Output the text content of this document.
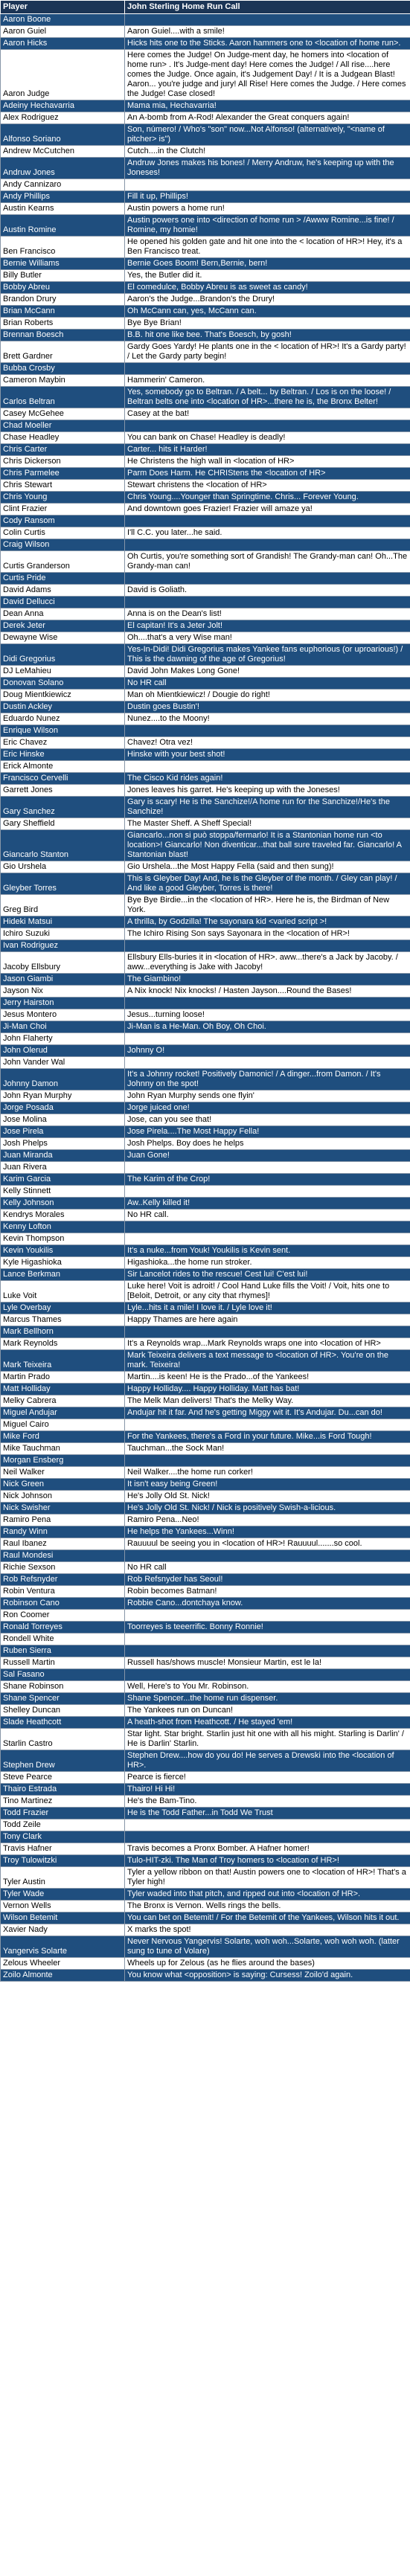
Player	John Sterling Home Run Call
Aaron Boone	
Aaron Guiel	Aaron Guiel....with a smile!
Aaron Hicks	Hicks hits one to the Sticks. Aaron hammers one to <location of home run>.
Aaron Judge	Here comes the Judge! On Judge-ment day, he homers into <location of home run> . It's Judge-ment day! Here comes the Judge! / All rise....here comes the Judge. Once again, it's Judgement Day! / It is a Judgean Blast! Aaron... you're judge and jury! All Rise! Here comes the Judge. / Here comes the Judge! Case closed!
Adeiny Hechavarria	Mama mia, Hechavarria!
Alex Rodriguez	An A-bomb from A-Rod! Alexander the Great conquers again!
Alfonso Soriano	Son, número! / Who's "son" now...Not Alfonso! (alternatively, "<name of pitcher> is")
Andrew McCutchen	Cutch....in the Clutch!
Andruw Jones	Andruw Jones makes his bones! / Merry Andruw, he's keeping up with the Joneses!
Andy Cannizaro	
Andy Phillips	Fill it up, Phillips!
Austin Kearns	Austin powers a home run!
Austin Romine	Austin powers one into <direction of home run > /Awww Romine...is fine! / Romine, my homie!
Ben Francisco	He opened his golden gate and hit one into the < location of HR>! Hey, it's a Ben Francisco treat.
Bernie Williams	Bernie Goes Boom! Bern,Bernie, bern!
Billy Butler	Yes, the Butler did it.
Bobby Abreu	El comedulce, Bobby Abreu is as sweet as candy!
Brandon Drury	Aaron's the Judge...Brandon's the Drury!
Brian McCann	Oh McCann can, yes, McCann can.
Brian Roberts	Bye Bye Brian!
Brennan Boesch	B.B. hit one like bee. That's Boesch, by gosh!
Brett Gardner	Gardy Goes Yardy! He plants one in the < location of HR>! It's a Gardy party! / Let the Gardy party begin!
Bubba Crosby	
Cameron Maybin	Hammerin' Cameron.
Carlos Beltran	Yes, somebody go to Beltran. / A belt... by Beltran. / Los is on the loose! / Beltran belts one into <location of HR>...there he is, the Bronx Belter!
Casey McGehee	Casey at the bat!
Chad Moeller	
Chase Headley	You can bank on Chase! Headley is deadly!
Chris Carter	Carter... hits it Harder!
Chris Dickerson	He Christens the high wall in <location of HR>
Chris Parmelee	Parm Does Harm. He CHRIStens the <location of HR>
Chris Stewart	Stewart christens the <location of HR>
Chris Young	Chris Young....Younger than Springtime. Chris... Forever Young.
Clint Frazier	And downtown goes Frazier! Frazier will amaze ya!
Cody Ransom	
Colin Curtis	I'll C.C. you later...he said.
Craig Wilson	
Curtis Granderson	Oh Curtis, you're something sort of Grandish! The Grandy-man can! Oh...The Grandy-man can!
Curtis Pride	
David Adams	David is Goliath.
David Dellucci	
Dean Anna	Anna is on the Dean's list!
Derek Jeter	El capitan! It's a Jeter Jolt!
Dewayne Wise	Oh....that's a very Wise man!
Didi Gregorius	Yes-In-Didi! Didi Gregorius makes Yankee fans euphorious (or uproarious!) / This is the dawning of the age of Gregorius!
DJ LeMahieu	David John Makes Long Gone!
Donovan Solano	No HR call
Doug Mientkiewicz	Man oh Mientkiewicz! / Dougie do right!
Dustin Ackley	Dustin goes Bustin'!
Eduardo Nunez	Nunez....to the Moony!
Enrique Wilson	
Eric Chavez	Chavez! Otra vez!
Eric Hinske	Hinske with your best shot!
Erick Almonte	
Francisco Cervelli	The Cisco Kid rides again!
Garrett Jones	Jones leaves his garret. He's keeping up with the Joneses!
Gary Sanchez	Gary is scary! He is the Sanchize!/A home run for the Sanchize!/He's the Sanchize!
Gary Sheffield	The Master Sheff. A Sheff Special!
Giancarlo Stanton	Giancarlo...non si può stoppa/fermarlo! It is a Stantonian home run <to location>! Giancarlo! Non diventicar...that ball sure traveled far. Giancarlo! A Stantonian blast!
Gio Urshela	Gio Urshela...the Most Happy Fella (said and then sung)!
Gleyber Torres	This is Gleyber Day! And, he is the Gleyber of the month. / Gley can play! / And like a good Gleyber, Torres is there!
Greg Bird	Bye Bye Birdie...in the <location of HR>. Here he is, the Birdman of New York.
Hideki Matsui	A thrilla, by Godzilla! The sayonara kid <varied script >!
Ichiro Suzuki	The Ichiro Rising Son says Sayonara in the <location of HR>!
Ivan Rodriguez	
Jacoby Ellsbury	Ellsbury Ells-buries it in <location of HR>. aww...there's a Jack by Jacoby. / aww...everything is Jake with Jacoby!
Jason Giambi	The Giambino!
Jayson Nix	A Nix knock! Nix knocks! / Hasten Jayson....Round the Bases!
Jerry Hairston	
Jesus Montero	Jesus...turning loose!
Ji-Man Choi	Ji-Man is a He-Man. Oh Boy, Oh Choi.
John Flaherty	
John Olerud	Johnny O!
John Vander Wal	
Johnny Damon	It's a Johnny rocket! Positively Damonic! / A dinger...from Damon. / It's Johnny on the spot!
John Ryan Murphy	John Ryan Murphy sends one flyin'
Jorge Posada	Jorge juiced one!
Jose Molina	Jose, can you see that!
Jose Pirela	Jose Pirela....The Most Happy Fella!
Josh Phelps	Josh Phelps. Boy does he helps
Juan Miranda	Juan Gone!
Juan Rivera	
Karim Garcia	The Karim of the Crop!
Kelly Stinnett	
Kelly Johnson	Aw..Kelly killed it!
Kendrys Morales	No HR call.
Kenny Lofton	
Kevin Thompson	
Kevin Youkilis	It's a nuke...from Youk! Youkilis is Kevin sent.
Kyle Higashioka	Higashioka...the home run stroker.
Lance Berkman	Sir Lancelot rides to the rescue! Cest lui! C'est lui!
Luke Voit	Luke here! Voit is adroit! / Cool Hand Luke fills the Voit! / Voit, hits one to [Beloit, Detroit, or any city that rhymes]!
Lyle Overbay	Lyle...hits it a mile! I love it. / Lyle love it!
Marcus Thames	Happy Thames are here again
Mark Bellhorn	
Mark Reynolds	It's a Reynolds wrap...Mark Reynolds wraps one into <location of HR>
Mark Teixeira	Mark Teixeira delivers a text message to <location of HR>. You're on the mark. Teixeira!
Martin Prado	Martin....is keen! He is the Prado...of the Yankees!
Matt Holliday	Happy Holliday.... Happy Holliday. Matt has bat!
Melky Cabrera	The Melk Man delivers! That's the Melky Way.
Miguel Andujar	Andujar hit it far. And he's getting Miggy wit it. It's Andujar. Du...can do!
Miguel Cairo	
Mike Ford	For the Yankees, there's a Ford in your future. Mike...is Ford Tough!
Mike Tauchman	Tauchman...the Sock Man!
Morgan Ensberg	
Neil Walker	Neil Walker....the home run corker!
Nick Green	It isn't easy being Green!
Nick Johnson	He's Jolly Old St. Nick!
Nick Swisher	He's Jolly Old St. Nick! / Nick is positively Swish-a-licious.
Ramiro Pena	Ramiro Pena...Neo!
Randy Winn	He helps the Yankees...Winn!
Raul Ibanez	Rauuuul be seeing you in <location of HR>! Rauuuul.......so cool.
Raul Mondesi	
Richie Sexson	No HR call
Rob Refsnyder	Rob Refsnyder has Seoul!
Robin Ventura	Robin becomes Batman!
Robinson Cano	Robbie Cano...dontchaya know.
Ron Coomer	
Ronald Torreyes	Toorreyes is teeerrific. Bonny Ronnie!
Rondell White	
Ruben Sierra	
Russell Martin	Russell has/shows muscle! Monsieur Martin, est le la!
Sal Fasano	
Shane Robinson	Well, Here's to You Mr. Robinson.
Shane Spencer	Shane Spencer...the home run dispenser.
Shelley Duncan	The Yankees run on Duncan!
Slade Heathcott	A heath-shot from Heathcott. / He stayed 'em!
Starlin Castro	Star light. Star bright. Starlin just hit one with all his might. Starling is Darlin' / He is Darlin' Starlin.
Stephen Drew	Stephen Drew....how do you do! He serves a Drewski into the <location of HR>.
Steve Pearce	Pearce is fierce!
Thairo Estrada	Thairo! Hi Hi!
Tino Martinez	He's the Bam-Tino.
Todd Frazier	He is the Todd Father...in Todd We Trust
Todd Zeile	
Tony Clark	
Travis Hafner	Travis becomes a Pronx Bomber. A Hafner homer!
Troy Tulowitzki	Tulo-HIT-zki. The Man of Troy homers to <location of HR>!
Tyler Austin	Tyler a yellow ribbon on that! Austin powers one to <location of HR>! That's a Tyler high!
Tyler Wade	Tyler waded into that pitch, and ripped out into <location of HR>.
Vernon Wells	The Bronx is Vernon. Wells rings the bells.
Wilson Betemit	You can bet on Betemit! / For the Betemit of the Yankees, Wilson hits it out.
Xavier Nady	X marks the spot!
Yangervis Solarte	Never Nervous Yangervis! Solarte, woh woh...Solarte, woh woh woh. (latter sung to tune of Volare)
Zelous Wheeler	Wheels up for Zelous (as he flies around the bases)
Zoilo Almonte	You know what <opposition> is saying: Cursess! Zoilo'd again.
